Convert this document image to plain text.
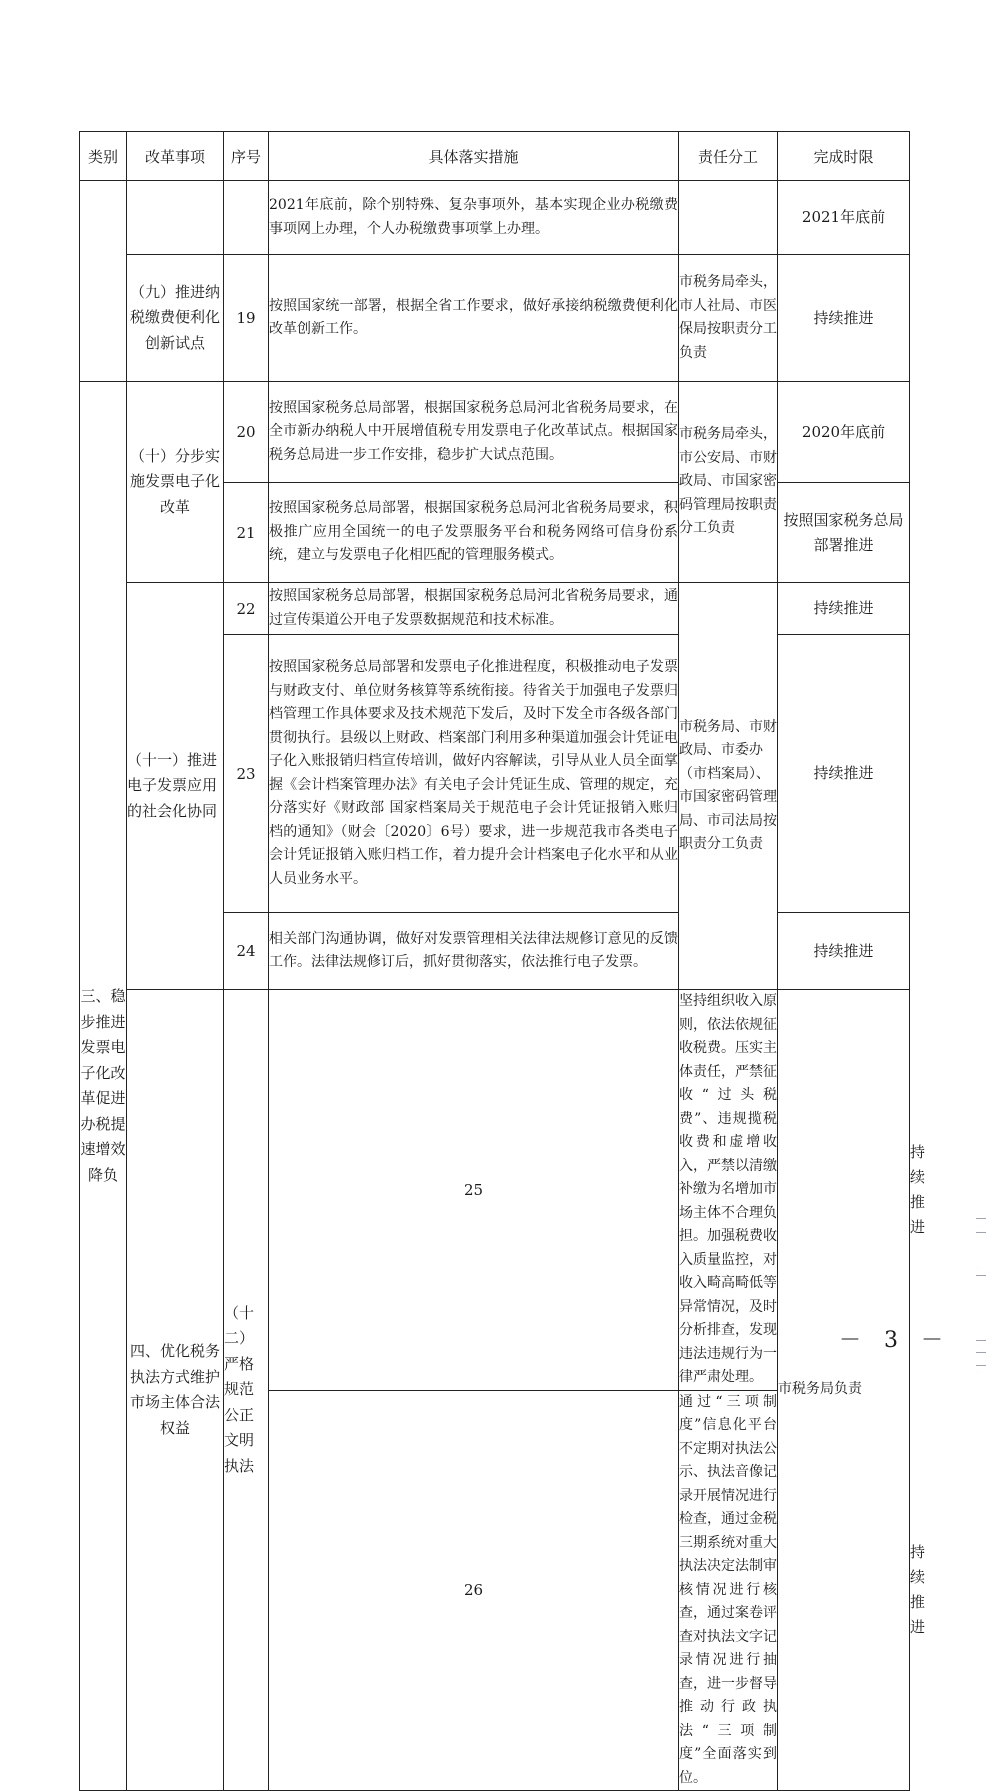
类别	改革事项	序号	具体落实措施	责任分工	完成时限	
			2021年底前，除个别特殊、复杂事项外，基本实现企业办税缴费事项网上办理，个人办税缴费事项掌上办理。		2021年底前	
	（九）推进纳税缴费便利化创新试点	19	按照国家统一部署，根据全省工作要求，做好承接纳税缴费便利化改革创新工作。	市税务局牵头，市人社局、市医保局按职责分工负责	持续推进	
三、稳步推进发票电子化改革促进办税提速增效降负	（十）分步实施发票电子化改革	20	按照国家税务总局部署，根据国家税务总局河北省税务局要求，在全市新办纳税人中开展增值税专用发票电子化改革试点。根据国家税务总局进一步工作安排，稳步扩大试点范围。	市税务局牵头，市公安局、市财政局、市国家密码管理局按职责分工负责	2020年底前	
		21	按照国家税务总局部署，根据国家税务总局河北省税务局要求，积极推广应用全国统一的电子发票服务平台和税务网络可信身份系统，建立与发票电子化相匹配的管理服务模式。		按照国家税务总局部署推进	
	（十一）推进电子发票应用的社会化协同	22	按照国家税务总局部署，根据国家税务总局河北省税务局要求，通过宣传渠道公开电子发票数据规范和技术标准。	市税务局、市财政局、市委办（市档案局）、市国家密码管理局、市司法局按职责分工负责	持续推进	
		23	按照国家税务总局部署和发票电子化推进程度，积极推动电子发票与财政支付、单位财务核算等系统衔接。待省关于加强电子发票归档管理工作具体要求及技术规范下发后，及时下发全市各级各部门贯彻执行。县级以上财政、档案部门利用多种渠道加强会计凭证电子化入账报销归档宣传培训，做好内容解读，引导从业人员全面掌握《会计档案管理办法》有关电子会计凭证生成、管理的规定，充分落实好《财政部 国家档案局关于规范电子会计凭证报销入账归档的通知》（财会〔2020〕6号）要求，进一步规范我市各类电子会计凭证报销入账归档工作，着力提升会计档案电子化水平和从业人员业务水平。		持续推进	
		24	相关部门沟通协调，做好对发票管理相关法律法规修订意见的反馈工作。法律法规修订后，抓好贯彻落实，依法推行电子发票。		持续推进	
	四、优化税务执法方式维护市场主体合法权益	（十二）严格规范公正文明执法	25	坚持组织收入原则，依法依规征收税费。压实主体责任，严禁征收“过头税费”、违规揽税收费和虚增收入，严禁以清缴补缴为名增加市场主体不合理负担。加强税费收入质量监控，对收入畸高畸低等异常情况，及时分析排查，发现违法违规行为一律严肃处理。	市税务局负责	持续推进
			26	通过“三项制度”信息化平台不定期对执法公示、执法音像记录开展情况进行检查，通过金税三期系统对重大执法决定法制审核情况进行核查，通过案卷评查对执法文字记录情况进行抽查，进一步督导推动行政执法“三项制度”全面落实到位。		持续推进
－ 3 －
